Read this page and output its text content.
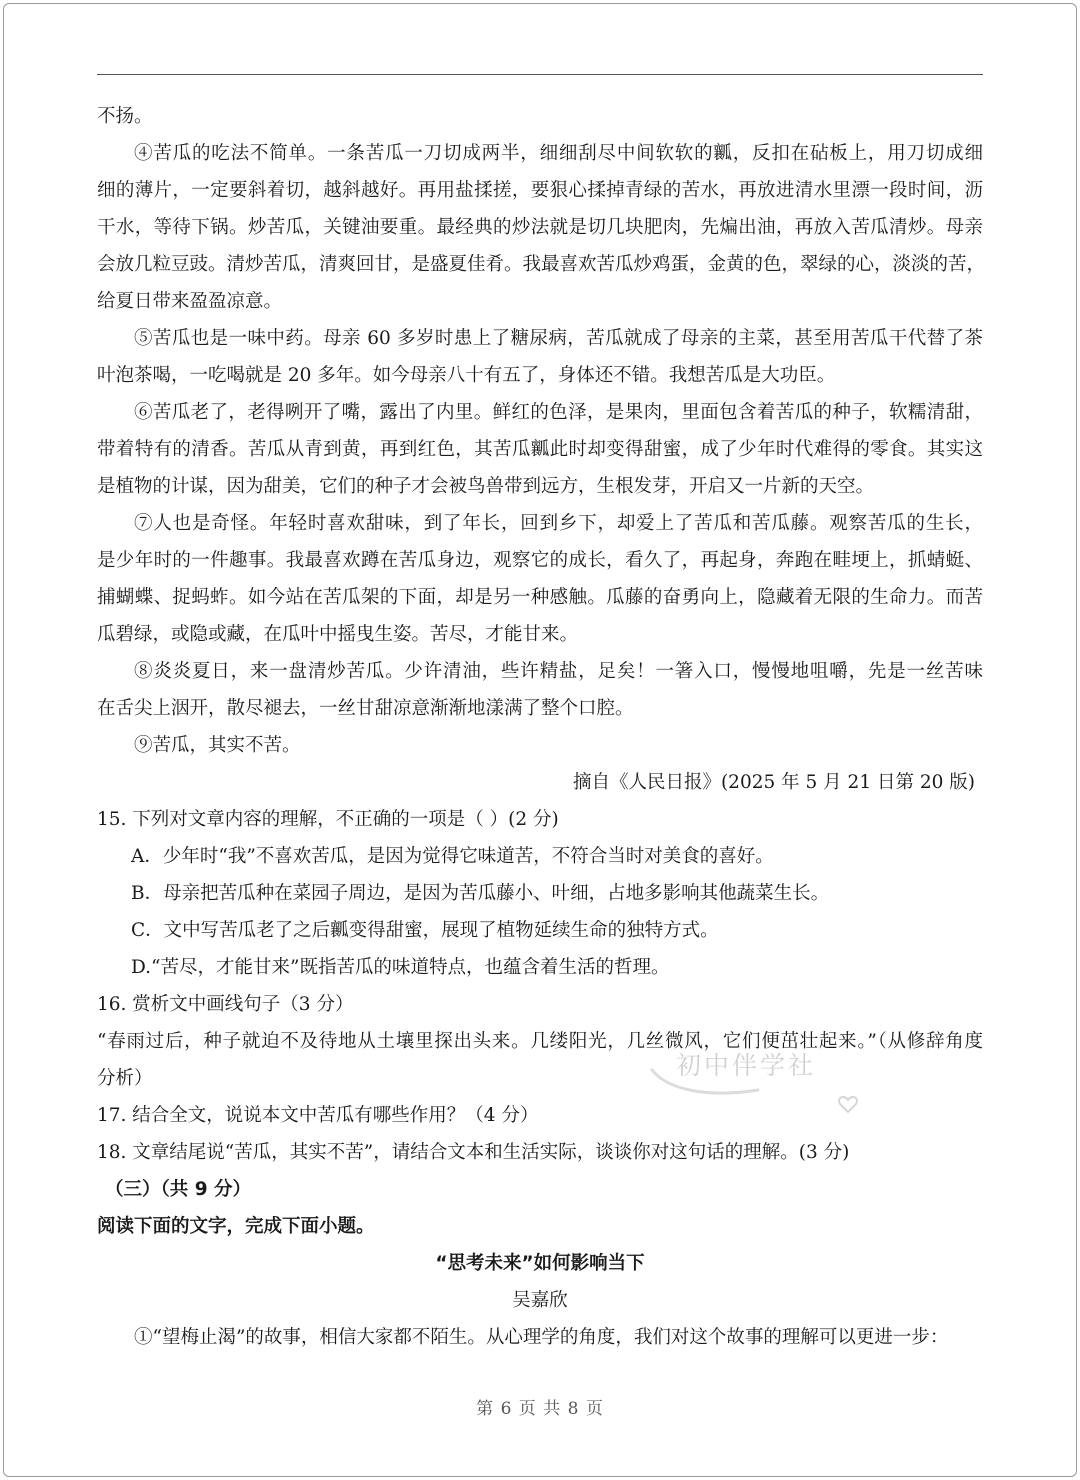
不扬。
④苦瓜的吃法不简单。一条苦瓜一刀切成两半，细细刮尽中间软软的瓤，反扣在砧板上，用刀切成细
细的薄片，一定要斜着切，越斜越好。再用盐揉搓，要狠心揉掉青绿的苦水，再放进清水里漂一段时间，沥
干水，等待下锅。炒苦瓜，关键油要重。最经典的炒法就是切几块肥肉，先煸出油，再放入苦瓜清炒。母亲
会放几粒豆豉。清炒苦瓜，清爽回甘，是盛夏佳肴。我最喜欢苦瓜炒鸡蛋，金黄的色，翠绿的心，淡淡的苦，
给夏日带来盈盈凉意。
⑤苦瓜也是一味中药。母亲 60 多岁时患上了糖尿病，苦瓜就成了母亲的主菜，甚至用苦瓜干代替了茶
叶泡茶喝，一吃喝就是 20 多年。如今母亲八十有五了，身体还不错。我想苦瓜是大功臣。
⑥苦瓜老了，老得咧开了嘴，露出了内里。鲜红的色泽，是果肉，里面包含着苦瓜的种子，软糯清甜，
带着特有的清香。苦瓜从青到黄，再到红色，其苦瓜瓤此时却变得甜蜜，成了少年时代难得的零食。其实这
是植物的计谋，因为甜美，它们的种子才会被鸟兽带到远方，生根发芽，开启又一片新的天空。
⑦人也是奇怪。年轻时喜欢甜味，到了年长，回到乡下，却爱上了苦瓜和苦瓜藤。观察苦瓜的生长，
是少年时的一件趣事。我最喜欢蹲在苦瓜身边，观察它的成长，看久了，再起身，奔跑在畦埂上，抓蜻蜓、
捕蝴蝶、捉蚂蚱。如今站在苦瓜架的下面，却是另一种感触。瓜藤的奋勇向上，隐藏着无限的生命力。而苦
瓜碧绿，或隐或藏，在瓜叶中摇曳生姿。苦尽，才能甘来。
⑧炎炎夏日，来一盘清炒苦瓜。少许清油，些许精盐，足矣！一箸入口，慢慢地咀嚼，先是一丝苦味
在舌尖上洇开，散尽褪去，一丝甘甜凉意渐渐地漾满了整个口腔。
⑨苦瓜，其实不苦。
摘自《人民日报》(2025 年 5 月 21 日第 20 版)
15. 下列对文章内容的理解，不正确的一项是（ ）(2 分)
A．少年时“我”不喜欢苦瓜，是因为觉得它味道苦，不符合当时对美食的喜好。
B．母亲把苦瓜种在菜园子周边，是因为苦瓜藤小、叶细，占地多影响其他蔬菜生长。
C．文中写苦瓜老了之后瓤变得甜蜜，展现了植物延续生命的独特方式。
D.“苦尽，才能甘来”既指苦瓜的味道特点，也蕴含着生活的哲理。
16. 赏析文中画线句子（3 分）
“春雨过后，种子就迫不及待地从土壤里探出头来。几缕阳光，几丝微风，它们便茁壮起来。”（从修辞角度
分析）
17. 结合全文，说说本文中苦瓜有哪些作用？（4 分）
18. 文章结尾说“苦瓜，其实不苦”，请结合文本和生活实际，谈谈你对这句话的理解。(3 分)
（三）（共 9 分）
阅读下面的文字，完成下面小题。
“思考未来”如何影响当下
吴嘉欣
①“望梅止渴”的故事，相信大家都不陌生。从心理学的角度，我们对这个故事的理解可以更进一步：
初中伴学社
第 6 页 共 8 页
